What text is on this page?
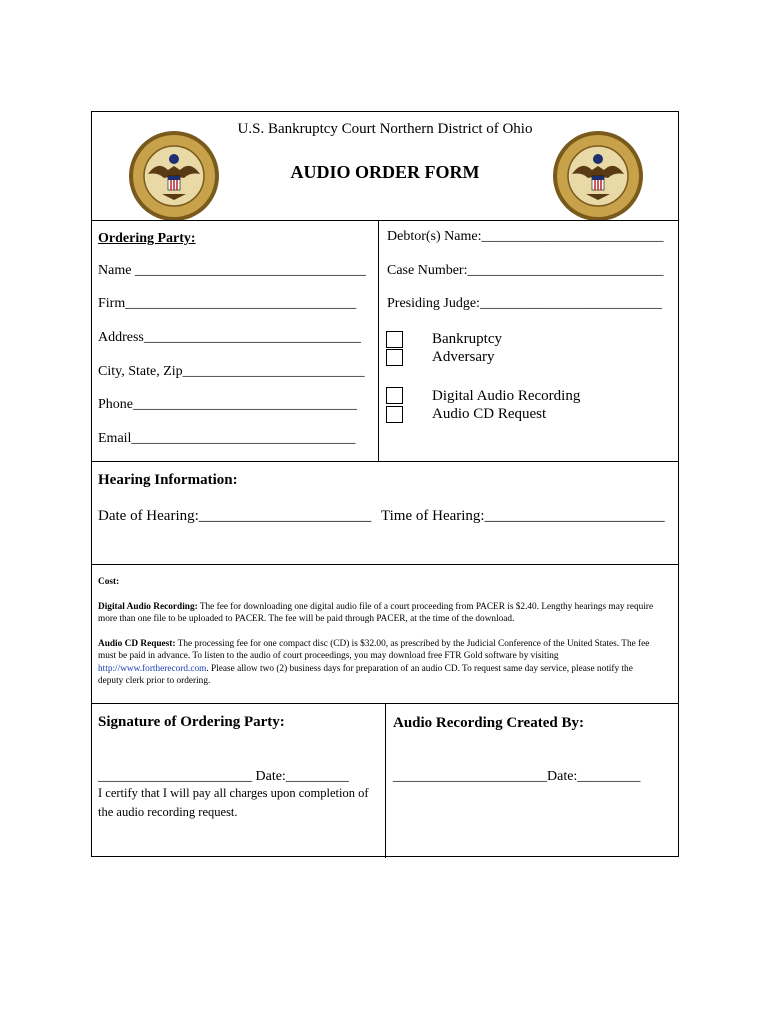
U.S. Bankruptcy Court Northern District of Ohio
AUDIO ORDER FORM
Ordering Party:
Name _________________________________
Firm_________________________________
Address_______________________________
City, State, Zip__________________________
Phone________________________________
Email________________________________
Debtor(s) Name:__________________________
Case Number:____________________________
Presiding Judge:__________________________
Bankruptcy
Adversary
Digital Audio Recording
Audio CD Request
Hearing Information:
Date of Hearing:_______________________ Time of Hearing:________________________

Cost:

Digital Audio Recording: The fee for downloading one digital audio file of a court proceeding from PACER is $2.40. Lengthy hearings may require more than one file to be uploaded to PACER. The fee will be paid through PACER, at the time of the download.

Audio CD Request: The processing fee for one compact disc (CD) is $32.00, as prescribed by the Judicial Conference of the United States. The fee must be paid in advance. To listen to the audio of court proceedings, you may download free FTR Gold software by visiting http://www.fortherecord.com. Please allow two (2) business days for preparation of an audio CD. To request same day service, please notify the deputy clerk prior to ordering.

Signature of Ordering Party:
______________________ Date:_________
I certify that I will pay all charges upon completion of the audio recording request.
Audio Recording Created By:
______________________Date:_________
